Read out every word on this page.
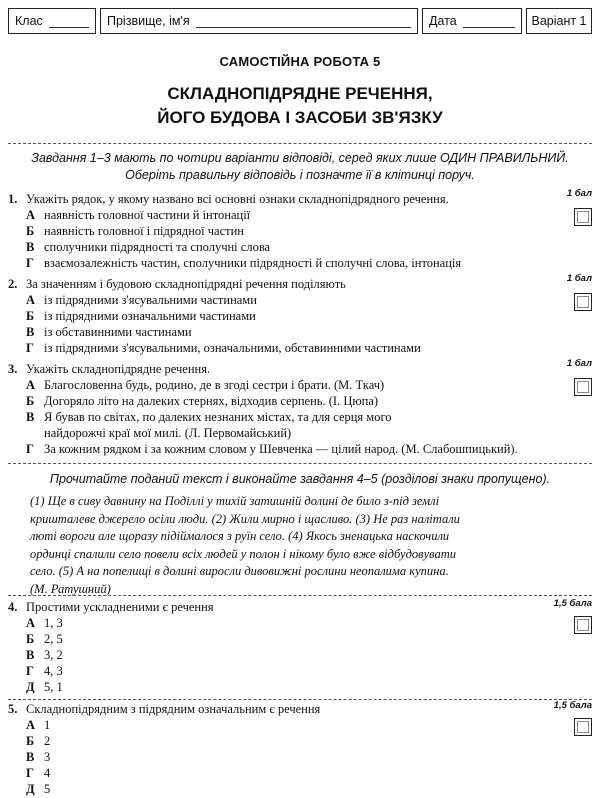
Клас	Прізвище, ім'я	Дата	Варіант 1
САМОСТІЙНА РОБОТА 5
СКЛАДНОПІДРЯДНЕ РЕЧЕННЯ,
ЙОГО БУДОВА І ЗАСОБИ ЗВ'ЯЗКУ
Завдання 1–3 мають по чотири варіанти відповіді, серед яких лише ОДИН ПРАВИЛЬНИЙ.
Оберіть правильну відповідь і позначте її в клітинці поруч.
1. Укажіть рядок, у якому названо всі основні ознаки складнопідрядного речення.
А наявність головної частини й інтонації
Б наявність головної і підрядної частин
В сполучники підрядності та сполучні слова
Г взаємозалежність частин, сполучники підрядності й сполучні слова, інтонація
1 бал
2. За значенням і будовою складнопідрядні речення поділяють
А із підрядними з'ясувальними частинами
Б із підрядними означальними частинами
В із обставинними частинами
Г із підрядними з'ясувальними, означальними, обставинними частинами
1 бал
3. Укажіть складнопідрядне речення.
А Благословенна будь, родино, де в згоді сестри і брати. (М. Ткач)
Б Догоряло літо на далеких стернях, відходив серпень. (І. Цюпа)
В Я бував по світах, по далеких незнаних містах, та для серця мого
найдорожчі краї мої милі. (Л. Первомайський)
Г За кожним рядком і за кожним словом у Шевченка — цілий народ. (М. Слабошпицький).
1 бал
Прочитайте поданий текст і виконайте завдання 4–5 (розділові знаки пропущено).
(1) Ще в сиву давнину на Поділлі у тихій затишній долині де било з-під землі
кришталеве джерело осіли люди. (2) Жили мирно і щасливо. (3) Не раз налітали
люті вороги але щоразу підіймалося з руїн село. (4) Якось зненацька наскочили
ординці спалили село повели всіх людей у полон і нікому було вже відбудовувати
село. (5) А на попелищі в долині виросли дивовижні рослини неопалима купина.
(М. Ратушний)
4. Простими ускладненими є речення
А 1, 3
Б 2, 5
В 3, 2
Г 4, 3
Д 5, 1
1,5 бала
5. Складнопідрядним з підрядним означальним є речення
А 1
Б 2
В 3
Г 4
Д 5
1,5 бала
